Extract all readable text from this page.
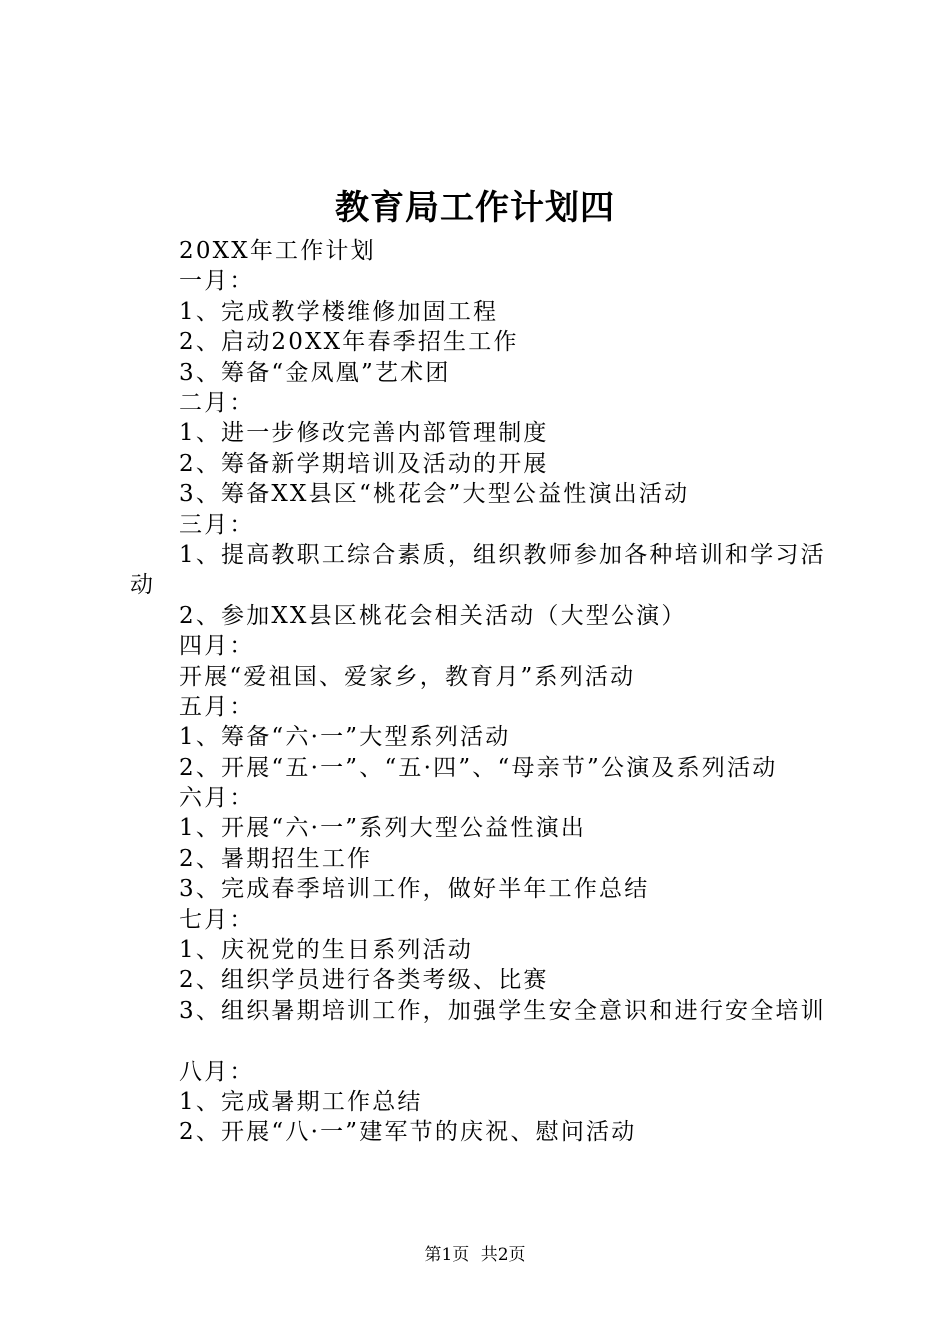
教育局工作计划四
20XX年工作计划
一月：
1、完成教学楼维修加固工程
2、启动20XX年春季招生工作
3、筹备“金凤凰”艺术团
二月：
1、进一步修改完善内部管理制度
2、筹备新学期培训及活动的开展
3、筹备XX县区“桃花会”大型公益性演出活动
三月：
1、提高教职工综合素质，组织教师参加各种培训和学习活动
2、参加XX县区桃花会相关活动（大型公演）
四月：
开展“爱祖国、爱家乡，教育月”系列活动
五月：
1、筹备“六·一”大型系列活动
2、开展“五·一”、“五·四”、“母亲节”公演及系列活动
六月：
1、开展“六·一”系列大型公益性演出
2、暑期招生工作
3、完成春季培训工作，做好半年工作总结
七月：
1、庆祝党的生日系列活动
2、组织学员进行各类考级、比赛
3、组织暑期培训工作，加强学生安全意识和进行安全培训
八月：
1、完成暑期工作总结
2、开展“八·一”建军节的庆祝、慰问活动
第1页 共2页
